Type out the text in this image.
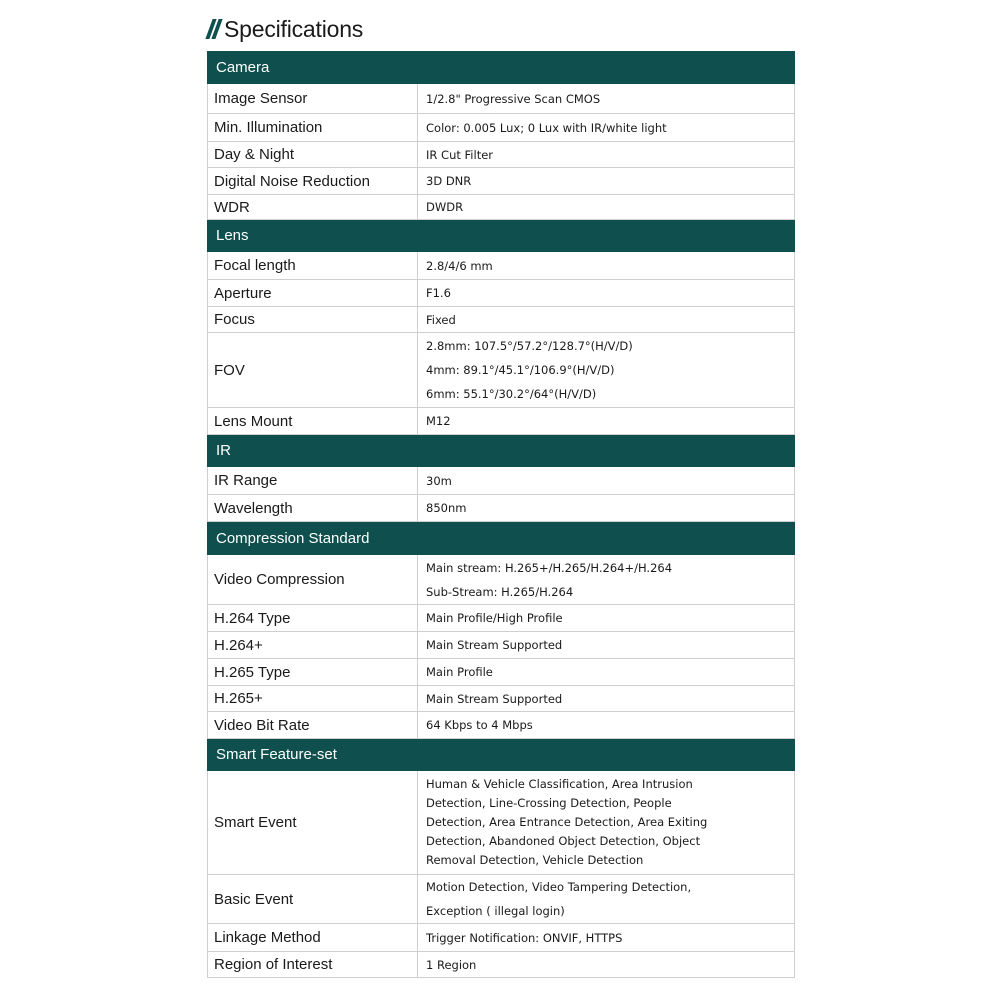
Specifications
Camera	
Image Sensor	1/2.8" Progressive Scan CMOS

Min. Illumination	Color: 0.005 Lux; 0 Lux with IR/white light

Day & Night	IR Cut Filter

Digital Noise Reduction	3D DNR

WDR	DWDR

Lens	
Focal length	2.8/4/6 mm

Aperture	F1.6

Focus	Fixed

FOV	2.8mm: 107.5°/57.2°/128.7°(H/V/D)
4mm: 89.1°/45.1°/106.9°(H/V/D)
6mm: 55.1°/30.2°/64°(H/V/D)

Lens Mount	M12

IR	
IR Range	30m

Wavelength	850nm

Compression Standard	
Video Compression	Main stream: H.265+/H.265/H.264+/H.264
Sub-Stream: H.265/H.264

H.264 Type	Main Profile/High Profile

H.264+	Main Stream Supported

H.265 Type	Main Profile

H.265+	Main Stream Supported

Video Bit Rate	64 Kbps to 4 Mbps

Smart Feature-set	
Smart Event	Human & Vehicle Classification, Area Intrusion
Detection, Line-Crossing Detection, People
Detection, Area Entrance Detection, Area Exiting
Detection, Abandoned Object Detection, Object
Removal Detection, Vehicle Detection

Basic Event	Motion Detection, Video Tampering Detection,
Exception ( illegal login)

Linkage Method	Trigger Notification: ONVIF, HTTPS

Region of Interest	1 Region
